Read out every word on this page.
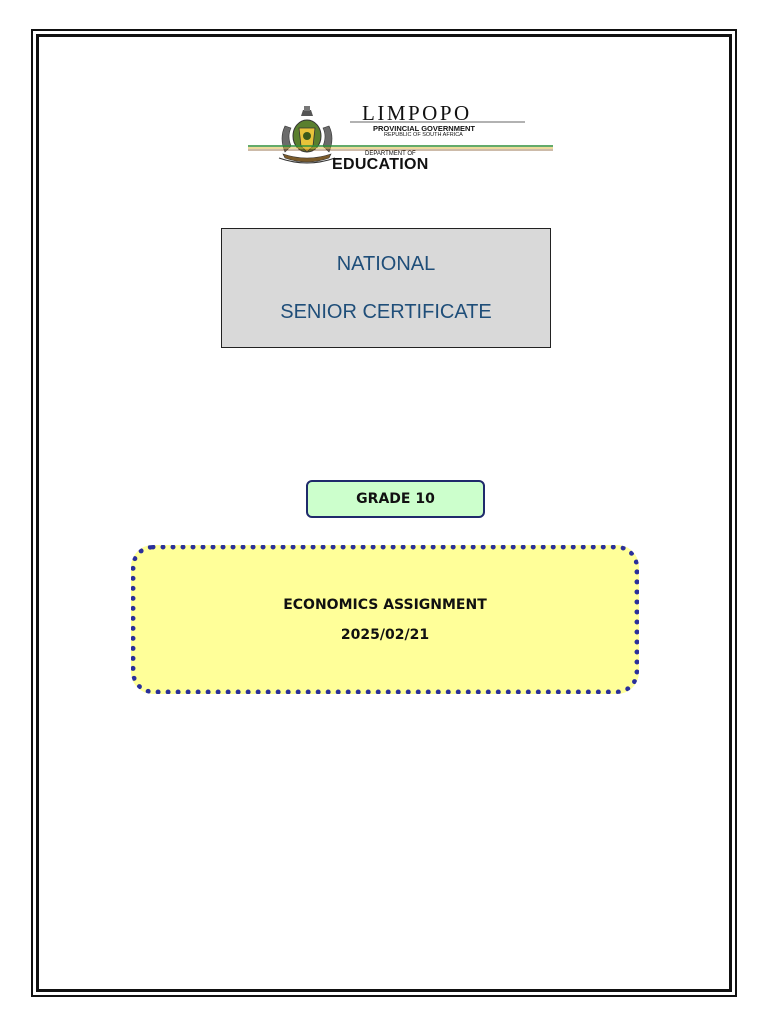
LIMPOPO
PROVINCIAL GOVERNMENT
REPUBLIC OF SOUTH AFRICA
DEPARTMENT OF
EDUCATION
NATIONAL
SENIOR CERTIFICATE
GRADE 10
ECONOMICS ASSIGNMENT
2025/02/21
